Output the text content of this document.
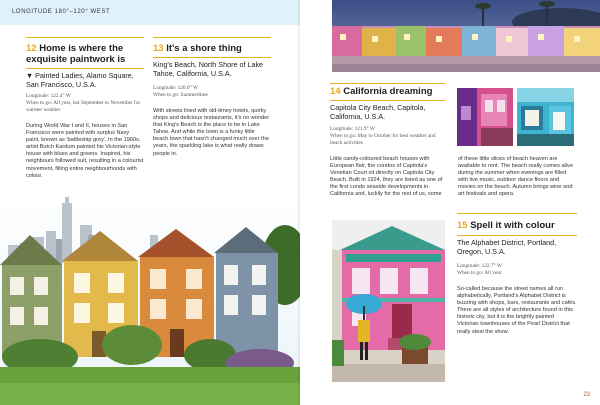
LONGITUDE 180°–120° WEST
12 Home is where the exquisite paintwork is
▼ Painted Ladies, Alamo Square, San Francisco, U.S.A.
Longitude: 122.4° W
When to go: All year, but September to November for warmer weather
During World War I and II, houses in San Francisco were painted with surplus Navy paint, known as 'battleship grey'. In the 1960s, artist Butch Kardum painted his Victorian-style house with blues and greens. Inspired, his neighbours followed suit, resulting in a colourist movement, filling entire neighbourhoods with colour.
13 It's a shore thing
King's Beach, North Shore of Lake Tahoe, California, U.S.A.
Longitude: 120.0° W
When to go: Summertime
With streets lined with old-timey hotels, quirky shops and delicious restaurants, it's no wonder that King's Beach is the place to be in Lake Tahoe. And while the town is a funky little beach town that hasn't changed much over the years, the sparkling lake is what really draws people in.
14 California dreaming
Capitola City Beach, Capitola, California, U.S.A.
Longitude: 121.9° W
When to go: May to October for best weather and beach activities
Little candy-coloured beach houses with European flair, the condos of Capitola's Venetian Court sit directly on Capitola City Beach. Built in 1924, they are listed as one of the first condo seaside developments in California and, luckily for the rest of us, some
of these little slices of beach heaven are available to rent. The beach really comes alive during the summer when evenings are filled with live music, outdoor dance floors and movies on the beach. Autumn brings wine and art festivals and opera.
15 Spell it with colour
The Alphabet District, Portland, Oregon, U.S.A.
Longitude: 122.7° W
When to go: All year
So-called because the street names all run alphabetically, Portland's Alphabet District is buzzing with shops, bars, restaurants and cafés. There are all styles of architecture found in this historic city, but it is the brightly painted Victorian townhouses of the Pearl District that really steal the show.
23
